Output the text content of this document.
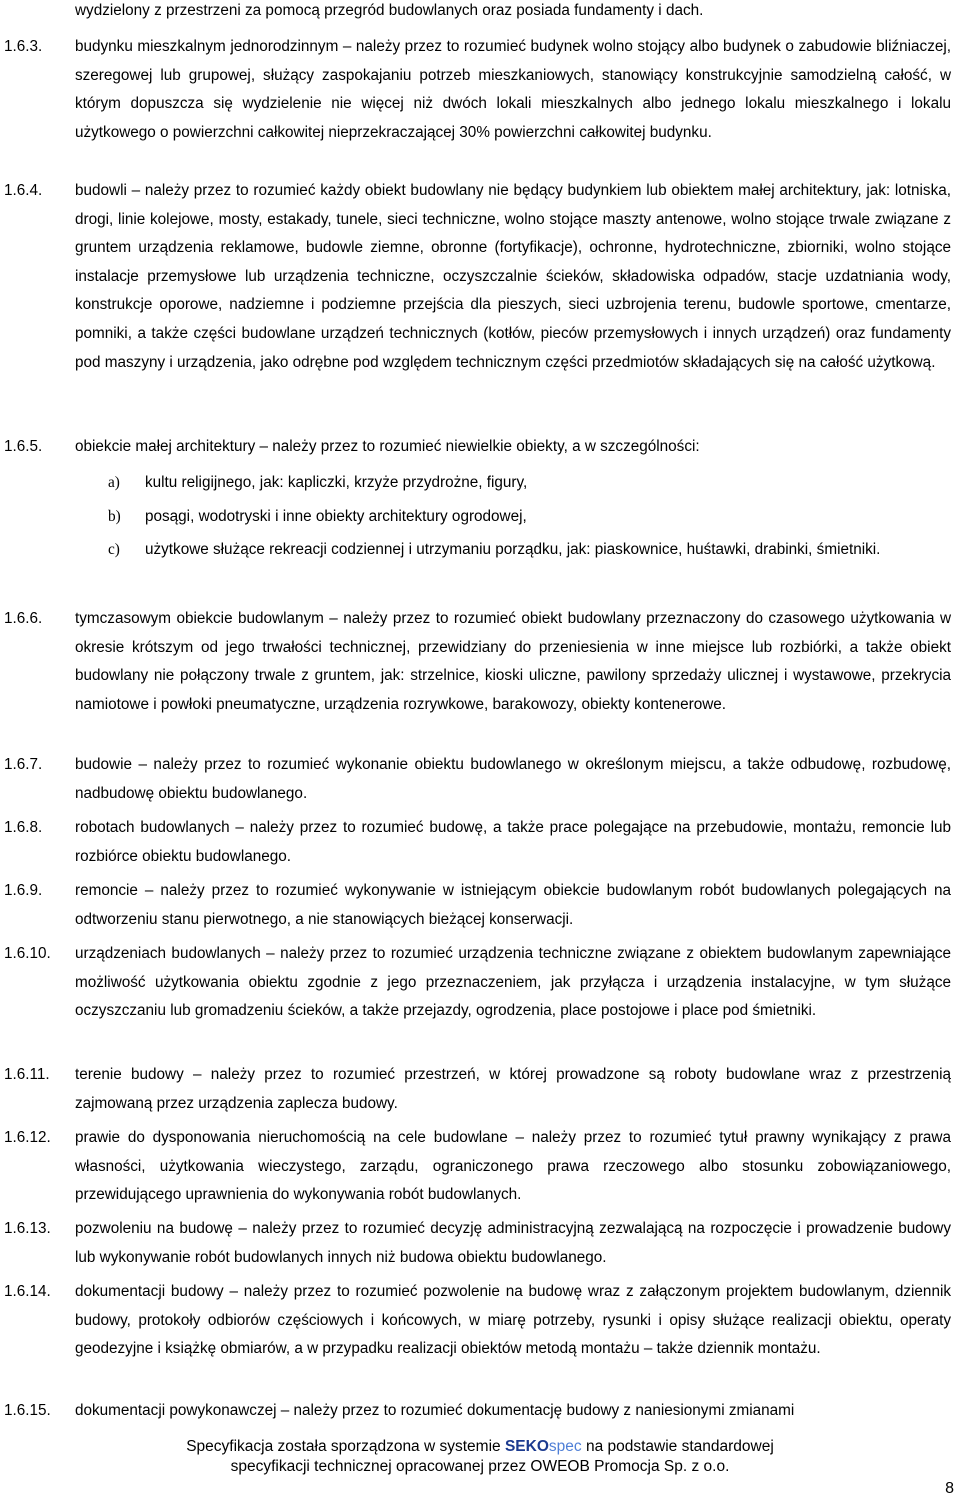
wydzielony z przestrzeni za pomocą przegród budowlanych oraz posiada fundamenty i dach.
1.6.3. budynku mieszkalnym jednorodzinnym – należy przez to rozumieć budynek wolno stojący albo budynek o zabudowie bliźniaczej, szeregowej lub grupowej, służący zaspokajaniu potrzeb mieszkaniowych, stanowiący konstrukcyjnie samodzielną całość, w którym dopuszcza się wydzielenie nie więcej niż dwóch lokali mieszkalnych albo jednego lokalu mieszkalnego i lokalu użytkowego o powierzchni całkowitej nieprzekraczającej 30% powierzchni całkowitej budynku.
1.6.4. budowli – należy przez to rozumieć każdy obiekt budowlany nie będący budynkiem lub obiektem małej architektury, jak: lotniska, drogi, linie kolejowe, mosty, estakady, tunele, sieci techniczne, wolno stojące maszty antenowe, wolno stojące trwale związane z gruntem urządzenia reklamowe, budowle ziemne, obronne (fortyfikacje), ochronne, hydrotechniczne, zbiorniki, wolno stojące instalacje przemysłowe lub urządzenia techniczne, oczyszczalnie ścieków, składowiska odpadów, stacje uzdatniania wody, konstrukcje oporowe, nadziemne i podziemne przejścia dla pieszych, sieci uzbrojenia terenu, budowle sportowe, cmentarze, pomniki, a także części budowlane urządzeń technicznych (kotłów, pieców przemysłowych i innych urządzeń) oraz fundamenty pod maszyny i urządzenia, jako odrębne pod względem technicznym części przedmiotów składających się na całość użytkową.
1.6.5. obiekcie małej architektury – należy przez to rozumieć niewielkie obiekty, a w szczególności:
a) kultu religijnego, jak: kapliczki, krzyże przydrożne, figury,
b) posągi, wodotryski i inne obiekty architektury ogrodowej,
c) użytkowe służące rekreacji codziennej i utrzymaniu porządku, jak: piaskownice, huśtawki, drabinki, śmietniki.
1.6.6. tymczasowym obiekcie budowlanym – należy przez to rozumieć obiekt budowlany przeznaczony do czasowego użytkowania w okresie krótszym od jego trwałości technicznej, przewidziany do przeniesienia w inne miejsce lub rozbiórki, a także obiekt budowlany nie połączony trwale z gruntem, jak: strzelnice, kioski uliczne, pawilony sprzedaży ulicznej i wystawowe, przekrycia namiotowe i powłoki pneumatyczne, urządzenia rozrywkowe, barakowozy, obiekty kontenerowe.
1.6.7. budowie – należy przez to rozumieć wykonanie obiektu budowlanego w określonym miejscu, a także odbudowę, rozbudowę, nadbudowę obiektu budowlanego.
1.6.8. robotach budowlanych – należy przez to rozumieć budowę, a także prace polegające na przebudowie, montażu, remoncie lub rozbiórce obiektu budowlanego.
1.6.9. remoncie – należy przez to rozumieć wykonywanie w istniejącym obiekcie budowlanym robót budowlanych polegających na odtworzeniu stanu pierwotnego, a nie stanowiących bieżącej konserwacji.
1.6.10. urządzeniach budowlanych – należy przez to rozumieć urządzenia techniczne związane z obiektem budowlanym zapewniające możliwość użytkowania obiektu zgodnie z jego przeznaczeniem, jak przyłącza i urządzenia instalacyjne, w tym służące oczyszczaniu lub gromadzeniu ścieków, a także przejazdy, ogrodzenia, place postojowe i place pod śmietniki.
1.6.11. terenie budowy – należy przez to rozumieć przestrzeń, w której prowadzone są roboty budowlane wraz z przestrzenią zajmowaną przez urządzenia zaplecza budowy.
1.6.12. prawie do dysponowania nieruchomością na cele budowlane – należy przez to rozumieć tytuł prawny wynikający z prawa własności, użytkowania wieczystego, zarządu, ograniczonego prawa rzeczowego albo stosunku zobowiązaniowego, przewidującego uprawnienia do wykonywania robót budowlanych.
1.6.13. pozwoleniu na budowę – należy przez to rozumieć decyzję administracyjną zezwalającą na rozpoczęcie i prowadzenie budowy lub wykonywanie robót budowlanych innych niż budowa obiektu budowlanego.
1.6.14. dokumentacji budowy – należy przez to rozumieć pozwolenie na budowę wraz z załączonym projektem budowlanym, dziennik budowy, protokoły odbiorów częściowych i końcowych, w miarę potrzeby, rysunki i opisy służące realizacji obiektu, operaty geodezyjne i książkę obmiarów, a w przypadku realizacji obiektów metodą montażu – także dziennik montażu.
1.6.15. dokumentacji powykonawczej – należy przez to rozumieć dokumentację budowy z naniesionymi zmianami
Specyfikacja została sporządzona w systemie SEKOspec na podstawie standardowej
specyfikacji technicznej opracowanej przez OWEOB Promocja Sp. z o.o.
8
